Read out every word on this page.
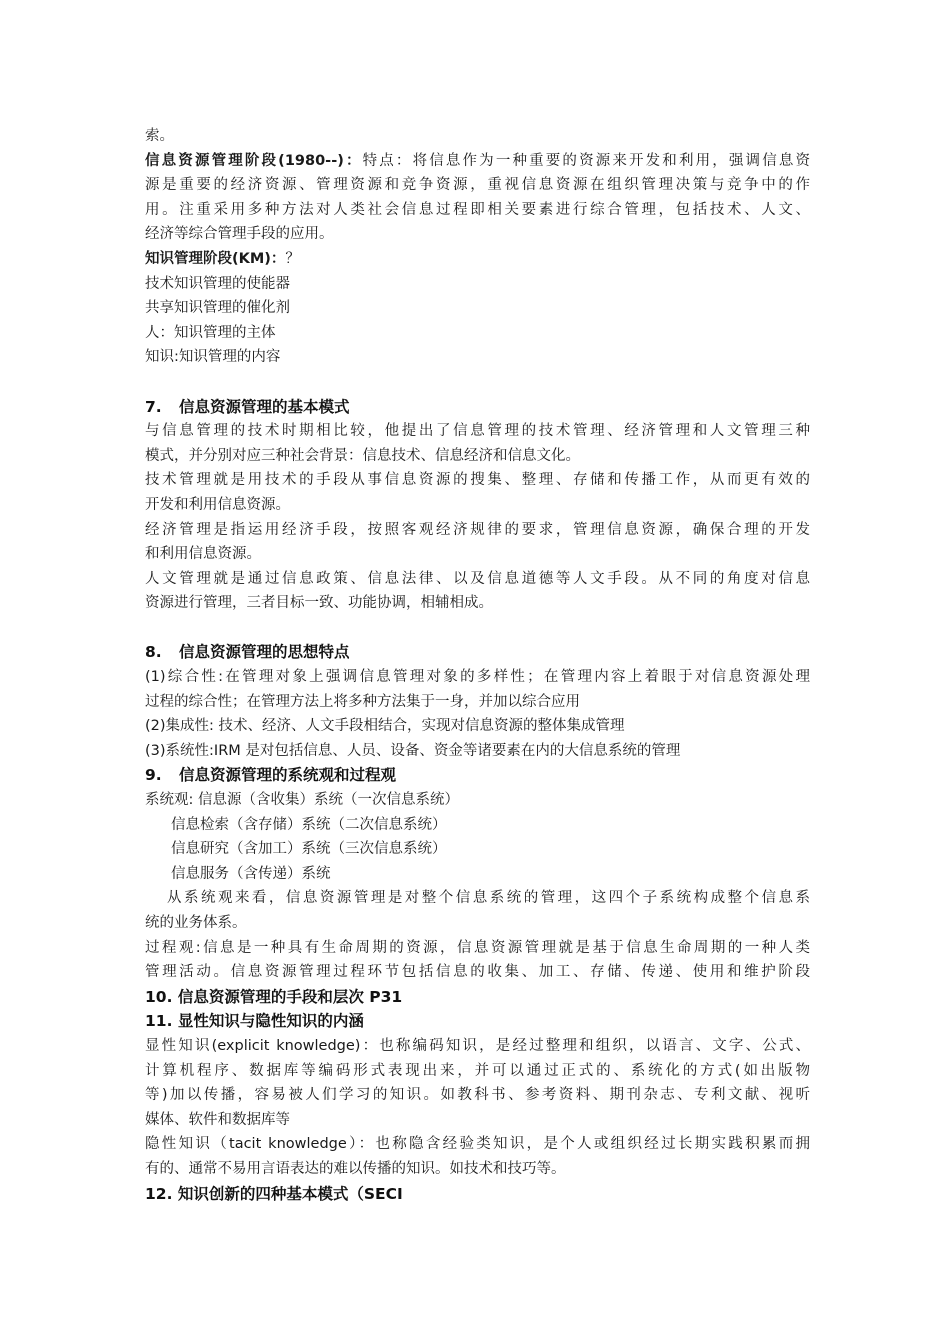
索。
信息资源管理阶段(1980--)：特点：将信息作为一种重要的资源来开发和利用，强调信息资
源是重要的经济资源、管理资源和竞争资源，重视信息资源在组织管理决策与竞争中的作
用。注重采用多种方法对人类社会信息过程即相关要素进行综合管理，包括技术、人文、
经济等综合管理手段的应用。
知识管理阶段(KM)：？
技术知识管理的使能器
共享知识管理的催化剂
人：知识管理的主体
知识:知识管理的内容
7. 信息资源管理的基本模式
与信息管理的技术时期相比较，他提出了信息管理的技术管理、经济管理和人文管理三种
模式，并分别对应三种社会背景：信息技术、信息经济和信息文化。
技术管理就是用技术的手段从事信息资源的搜集、整理、存储和传播工作，从而更有效的
开发和利用信息资源。
经济管理是指运用经济手段，按照客观经济规律的要求，管理信息资源，确保合理的开发
和利用信息资源。
人文管理就是通过信息政策、信息法律、以及信息道德等人文手段。从不同的角度对信息
资源进行管理，三者目标一致、功能协调，相辅相成。
8. 信息资源管理的思想特点
(1)综合性:在管理对象上强调信息管理对象的多样性；在管理内容上着眼于对信息资源处理
过程的综合性；在管理方法上将多种方法集于一身，并加以综合应用
(2)集成性: 技术、经济、人文手段相结合，实现对信息资源的整体集成管理
(3)系统性:IRM 是对包括信息、人员、设备、资金等诸要素在内的大信息系统的管理
9. 信息资源管理的系统观和过程观
系统观: 信息源（含收集）系统（一次信息系统）
信息检索（含存储）系统（二次信息系统）
信息研究（含加工）系统（三次信息系统）
信息服务（含传递）系统
从系统观来看，信息资源管理是对整个信息系统的管理，这四个子系统构成整个信息系
统的业务体系。
过程观:信息是一种具有生命周期的资源，信息资源管理就是基于信息生命周期的一种人类
管理活动。信息资源管理过程环节包括信息的收集、加工、存储、传递、使用和维护阶段
10. 信息资源管理的手段和层次 P31
11. 显性知识与隐性知识的内涵
显性知识(explicit knowledge)：也称编码知识，是经过整理和组织，以语言、文字、公式、
计算机程序、数据库等编码形式表现出来，并可以通过正式的、系统化的方式(如出版物
等)加以传播，容易被人们学习的知识。如教科书、参考资料、期刊杂志、专利文献、视听
媒体、软件和数据库等
隐性知识（tacit knowledge）：也称隐含经验类知识，是个人或组织经过长期实践积累而拥
有的、通常不易用言语表达的难以传播的知识。如技术和技巧等。
12. 知识创新的四种基本模式（SECI
